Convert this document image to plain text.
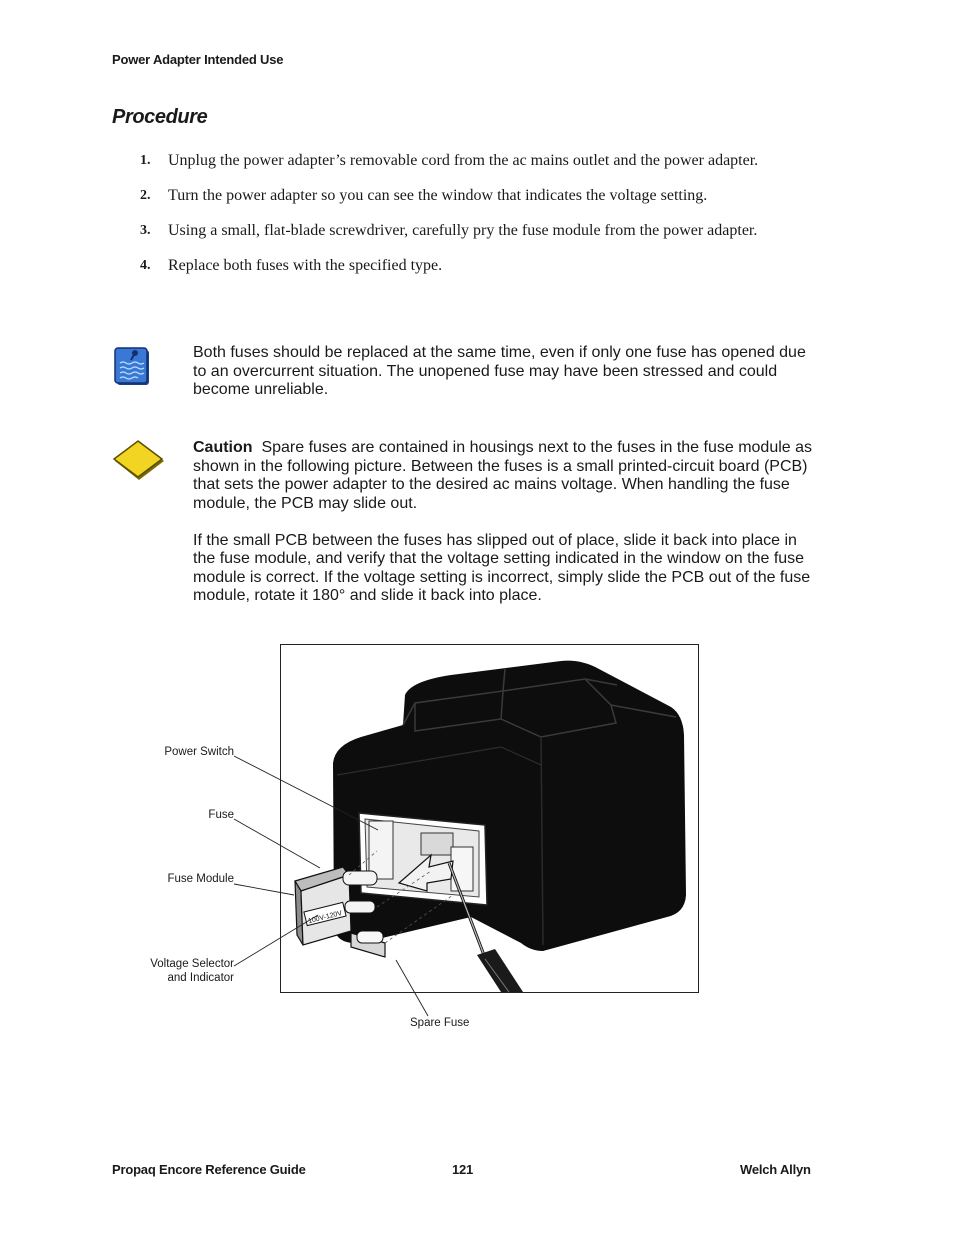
Power Adapter Intended Use
Procedure
1. Unplug the power adapter’s removable cord from the ac mains outlet and the power adapter.
2. Turn the power adapter so you can see the window that indicates the voltage setting.
3. Using a small, flat-blade screwdriver, carefully pry the fuse module from the power adapter.
4. Replace both fuses with the specified type.
Both fuses should be replaced at the same time, even if only one fuse has opened due to an overcurrent situation. The unopened fuse may have been stressed and could become unreliable.

Caution Spare fuses are contained in housings next to the fuses in the fuse module as shown in the following picture. Between the fuses is a small printed-circuit board (PCB) that sets the power adapter to the desired ac mains voltage. When handling the fuse module, the PCB may slide out.

If the small PCB between the fuses has slipped out of place, slide it back into place in the fuse module, and verify that the voltage setting indicated in the window on the fuse module is correct. If the voltage setting is incorrect, simply slide the PCB out of the fuse module, rotate it 180° and slide it back into place.

100V-120V
Power Switch
Fuse
Fuse Module
Voltage Selector
and Indicator
Spare Fuse
Propaq Encore Reference Guide	121	Welch Allyn
